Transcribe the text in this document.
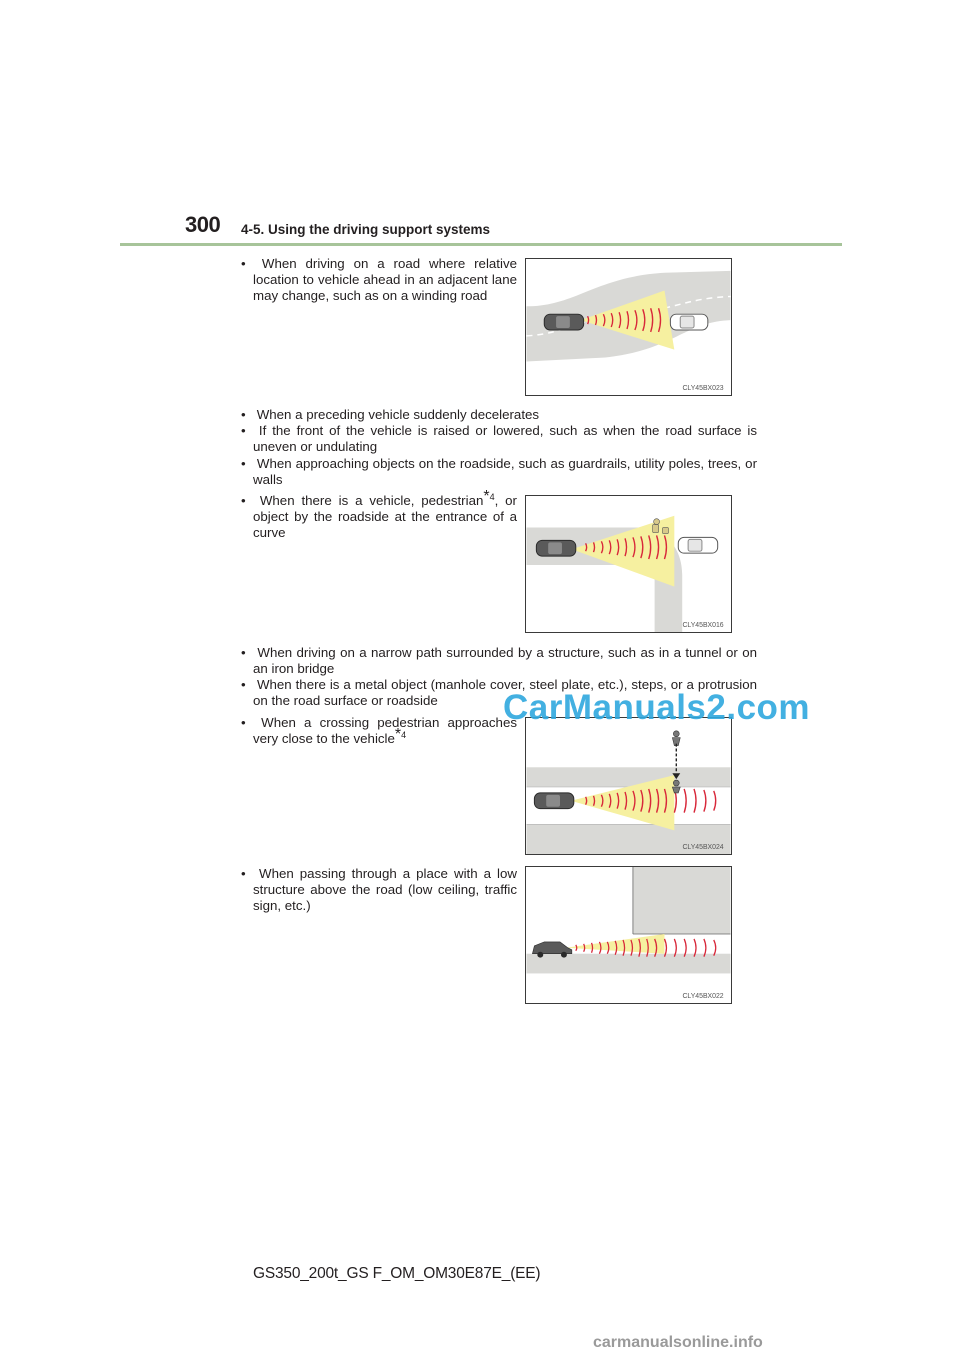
300 4-5. Using the driving support systems
• When driving on a road where relative location to vehicle ahead in an adjacent lane may change, such as on a winding road
CLY45BX023
• When a preceding vehicle suddenly decelerates
• If the front of the vehicle is raised or lowered, such as when the road surface is uneven or undulating
• When approaching objects on the roadside, such as guardrails, utility poles, trees, or walls
• When there is a vehicle, pedestrian$^{*4}$, or object by the roadside at the entrance of a curve
CLY45BX016
• When driving on a narrow path surrounded by a structure, such as in a tunnel or on an iron bridge
• When there is a metal object (manhole cover, steel plate, etc.), steps, or a protrusion on the road surface or roadside
• When a crossing pedestrian approaches very close to the vehicle$^{*4}$
CLY45BX024
• When passing through a place with a low structure above the road (low ceiling, traffic sign, etc.)
CLY45BX022
CarManuals2.com
GS350_200t_GS F_OM_OM30E87E_(EE)
carmanualsonline.info
